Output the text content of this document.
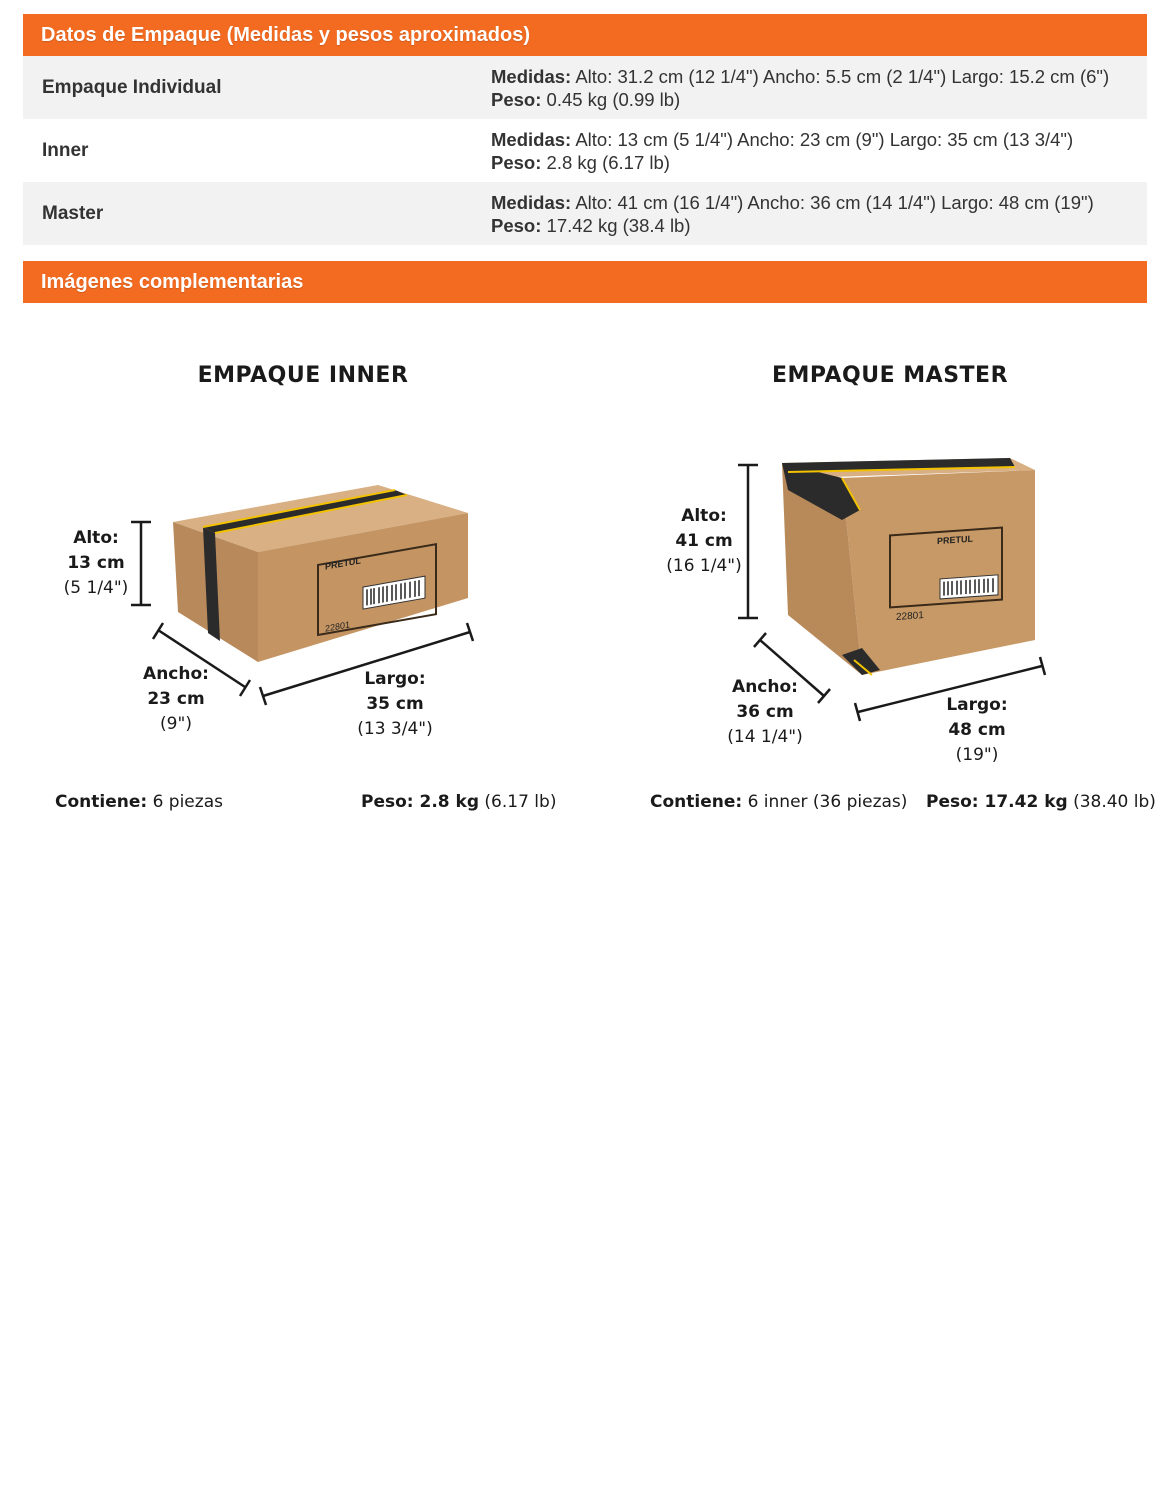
Datos de Empaque (Medidas y pesos aproximados)
Empaque Individual
Medidas: Alto: 31.2 cm (12 1/4") Ancho: 5.5 cm (2 1/4") Largo: 15.2 cm (6")
Peso: 0.45 kg (0.99 lb)
Inner
Medidas: Alto: 13 cm (5 1/4") Ancho: 23 cm (9") Largo: 35 cm (13 3/4")
Peso: 2.8 kg (6.17 lb)
Master
Medidas: Alto: 41 cm (16 1/4") Ancho: 36 cm (14 1/4") Largo: 48 cm (19")
Peso: 17.42 kg (38.4 lb)
Imágenes complementarias
EMPAQUE INNER
PRETUL
22801
Alto:
13 cm
(5 1/4")
Ancho:
23 cm
(9")
Largo:
35 cm
(13 3/4")
Contiene: 6 piezas	Peso: 2.8 kg (6.17 lb)
EMPAQUE MASTER
PRETUL
22801
Alto:
41 cm
(16 1/4")
Ancho:
36 cm
(14 1/4")
Largo:
48 cm
(19")
Contiene: 6 inner (36 piezas) Peso: 17.42 kg (38.40 lb)
